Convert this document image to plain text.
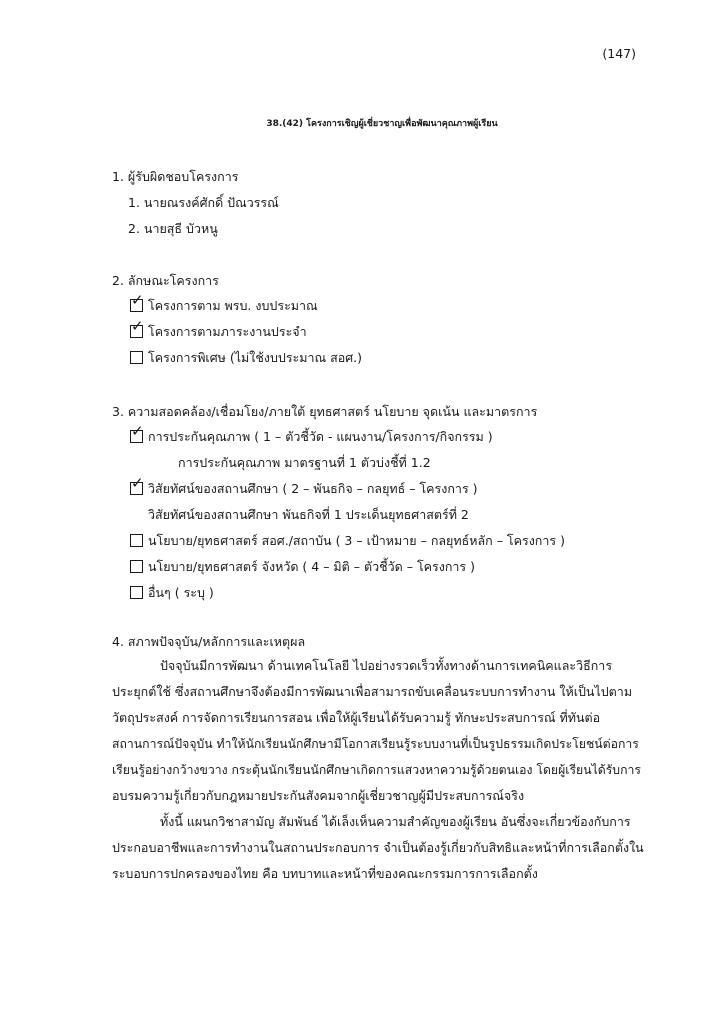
(147)
38.(42) โครงการเชิญผู้เชี่ยวชาญเพื่อพัฒนาคุณภาพผู้เรียน
1. ผู้รับผิดชอบโครงการ
1. นายณรงค์ศักดิ์ ปัณวรรณ์
2. นายสุธี บัวหนู
2. ลักษณะโครงการ
✓ โครงการตาม พรบ. งบประมาณ
✓ โครงการตามภาระงานประจำ
โครงการพิเศษ (ไม่ใช้งบประมาณ สอศ.)
3. ความสอดคล้อง/เชื่อมโยง/ภายใต้ ยุทธศาสตร์ นโยบาย จุดเน้น และมาตรการ
✓ การประกันคุณภาพ ( 1 – ตัวชี้วัด - แผนงาน/โครงการ/กิจกรรม )
การประกันคุณภาพ มาตรฐานที่ 1 ตัวบ่งชี้ที่ 1.2
✓ วิสัยทัศน์ของสถานศึกษา ( 2 – พันธกิจ – กลยุทธ์ – โครงการ )
วิสัยทัศน์ของสถานศึกษา พันธกิจที่ 1 ประเด็นยุทธศาสตร์ที่ 2
นโยบาย/ยุทธศาสตร์ สอศ./สถาบัน ( 3 – เป้าหมาย – กลยุทธ์หลัก – โครงการ )
นโยบาย/ยุทธศาสตร์ จังหวัด ( 4 – มิติ – ตัวชี้วัด – โครงการ )
อื่นๆ ( ระบุ )
4. สภาพปัจจุบัน/หลักการและเหตุผล
ปัจจุบันมีการพัฒนา ด้านเทคโนโลยี ไปอย่างรวดเร็วทั้งทางด้านการเทคนิคและวิธีการ
ประยุกต์ใช้ ซึ่งสถานศึกษาจึงต้องมีการพัฒนาเพื่อสามารถขับเคลื่อนระบบการทำงาน ให้เป็นไปตาม
วัตถุประสงค์ การจัดการเรียนการสอน เพื่อให้ผู้เรียนได้รับความรู้ ทักษะประสบการณ์ ที่ทันต่อ
สถานการณ์ปัจจุบัน ทำให้นักเรียนนักศึกษามีโอกาสเรียนรู้ระบบงานที่เป็นรูปธรรมเกิดประโยชน์ต่อการ
เรียนรู้อย่างกว้างขวาง กระตุ้นนักเรียนนักศึกษาเกิดการแสวงหาความรู้ด้วยตนเอง โดยผู้เรียนได้รับการ
อบรมความรู้เกี่ยวกับกฎหมายประกันสังคมจากผู้เชี่ยวชาญผู้มีประสบการณ์จริง
ทั้งนี้ แผนกวิชาสามัญ สัมพันธ์ ได้เล็งเห็นความสำคัญของผู้เรียน อันซึ่งจะเกี่ยวข้องกับการ
ประกอบอาชีพและการทำงานในสถานประกอบการ จำเป็นต้องรู้เกี่ยวกับสิทธิและหน้าที่การเลือกตั้งใน
ระบอบการปกครองของไทย คือ บทบาทและหน้าที่ของคณะกรรมการการเลือกตั้ง
